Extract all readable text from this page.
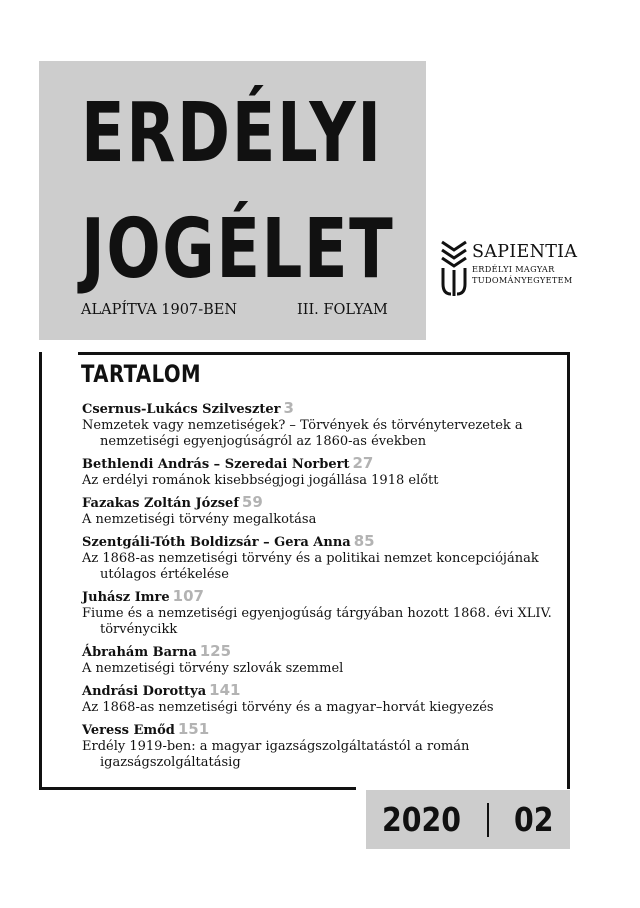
ERDÉLYI
JOGÉLET
ALAPÍTVA 1907-BEN	III. FOLYAM
SAPIENTIA
ERDÉLYI MAGYAR
TUDOMÁNYEGYETEM
TARTALOM
Csernus-Lukács Szilveszter 3
Nemzetek vagy nemzetiségek? – Törvények és törvénytervezetek a nemzetiségi egyenjogúságról az 1860-as években
Bethlendi András – Szeredai Norbert 27
Az erdélyi románok kisebbségjogi jogállása 1918 előtt
Fazakas Zoltán József 59
A nemzetiségi törvény megalkotása
Szentgáli-Tóth Boldizsár – Gera Anna 85
Az 1868-as nemzetiségi törvény és a politikai nemzet koncepciójának utólagos értékelése
Juhász Imre 107
Fiume és a nemzetiségi egyenjogúság tárgyában hozott 1868. évi XLIV. törvénycikk
Ábrahám Barna 125
A nemzetiségi törvény szlovák szemmel
Andrási Dorottya 141
Az 1868-as nemzetiségi törvény és a magyar–horvát kiegyezés
Veress Emőd 151
Erdély 1919-ben: a magyar igazságszolgáltatástól a román igazságszolgáltatásig
2020 02
